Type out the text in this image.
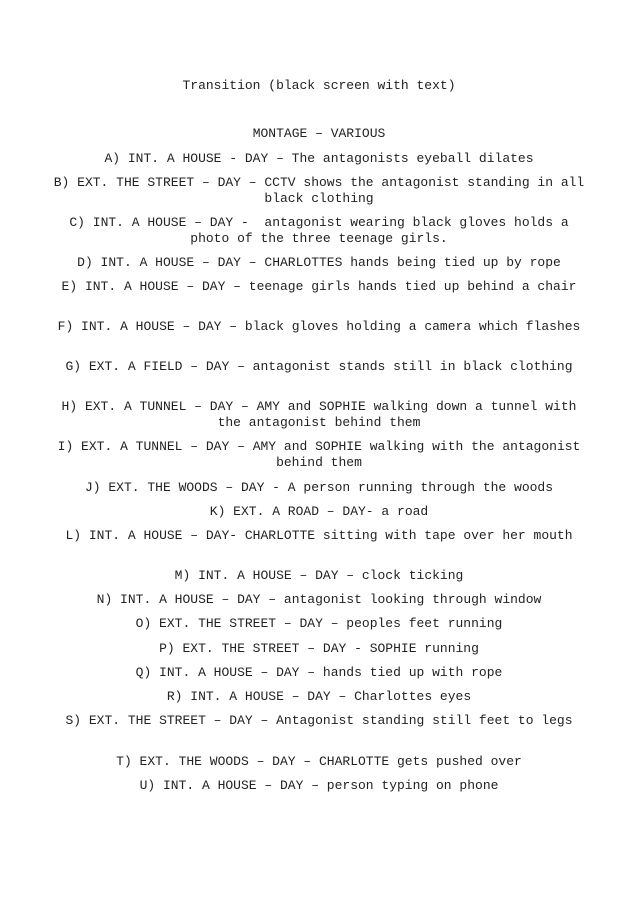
Transition (black screen with text)

MONTAGE – VARIOUS

A) INT. A HOUSE - DAY – The antagonists eyeball dilates

B) EXT. THE STREET – DAY – CCTV shows the antagonist standing in all black clothing

C) INT. A HOUSE – DAY -  antagonist wearing black gloves holds a photo of the three teenage girls.

D) INT. A HOUSE – DAY – CHARLOTTES hands being tied up by rope

E) INT. A HOUSE – DAY – teenage girls hands tied up behind a chair

F) INT. A HOUSE – DAY – black gloves holding a camera which flashes

G) EXT. A FIELD – DAY – antagonist stands still in black clothing

H) EXT. A TUNNEL – DAY – AMY and SOPHIE walking down a tunnel with the antagonist behind them

I) EXT. A TUNNEL – DAY – AMY and SOPHIE walking with the antagonist behind them

J) EXT. THE WOODS – DAY - A person running through the woods

K) EXT. A ROAD – DAY- a road

L) INT. A HOUSE – DAY- CHARLOTTE sitting with tape over her mouth

M) INT. A HOUSE – DAY – clock ticking

N) INT. A HOUSE – DAY – antagonist looking through window

O) EXT. THE STREET – DAY – peoples feet running

P) EXT. THE STREET – DAY - SOPHIE running

Q) INT. A HOUSE – DAY – hands tied up with rope

R) INT. A HOUSE – DAY – Charlottes eyes

S) EXT. THE STREET – DAY – Antagonist standing still feet to legs

T) EXT. THE WOODS – DAY – CHARLOTTE gets pushed over

U) INT. A HOUSE – DAY – person typing on phone
